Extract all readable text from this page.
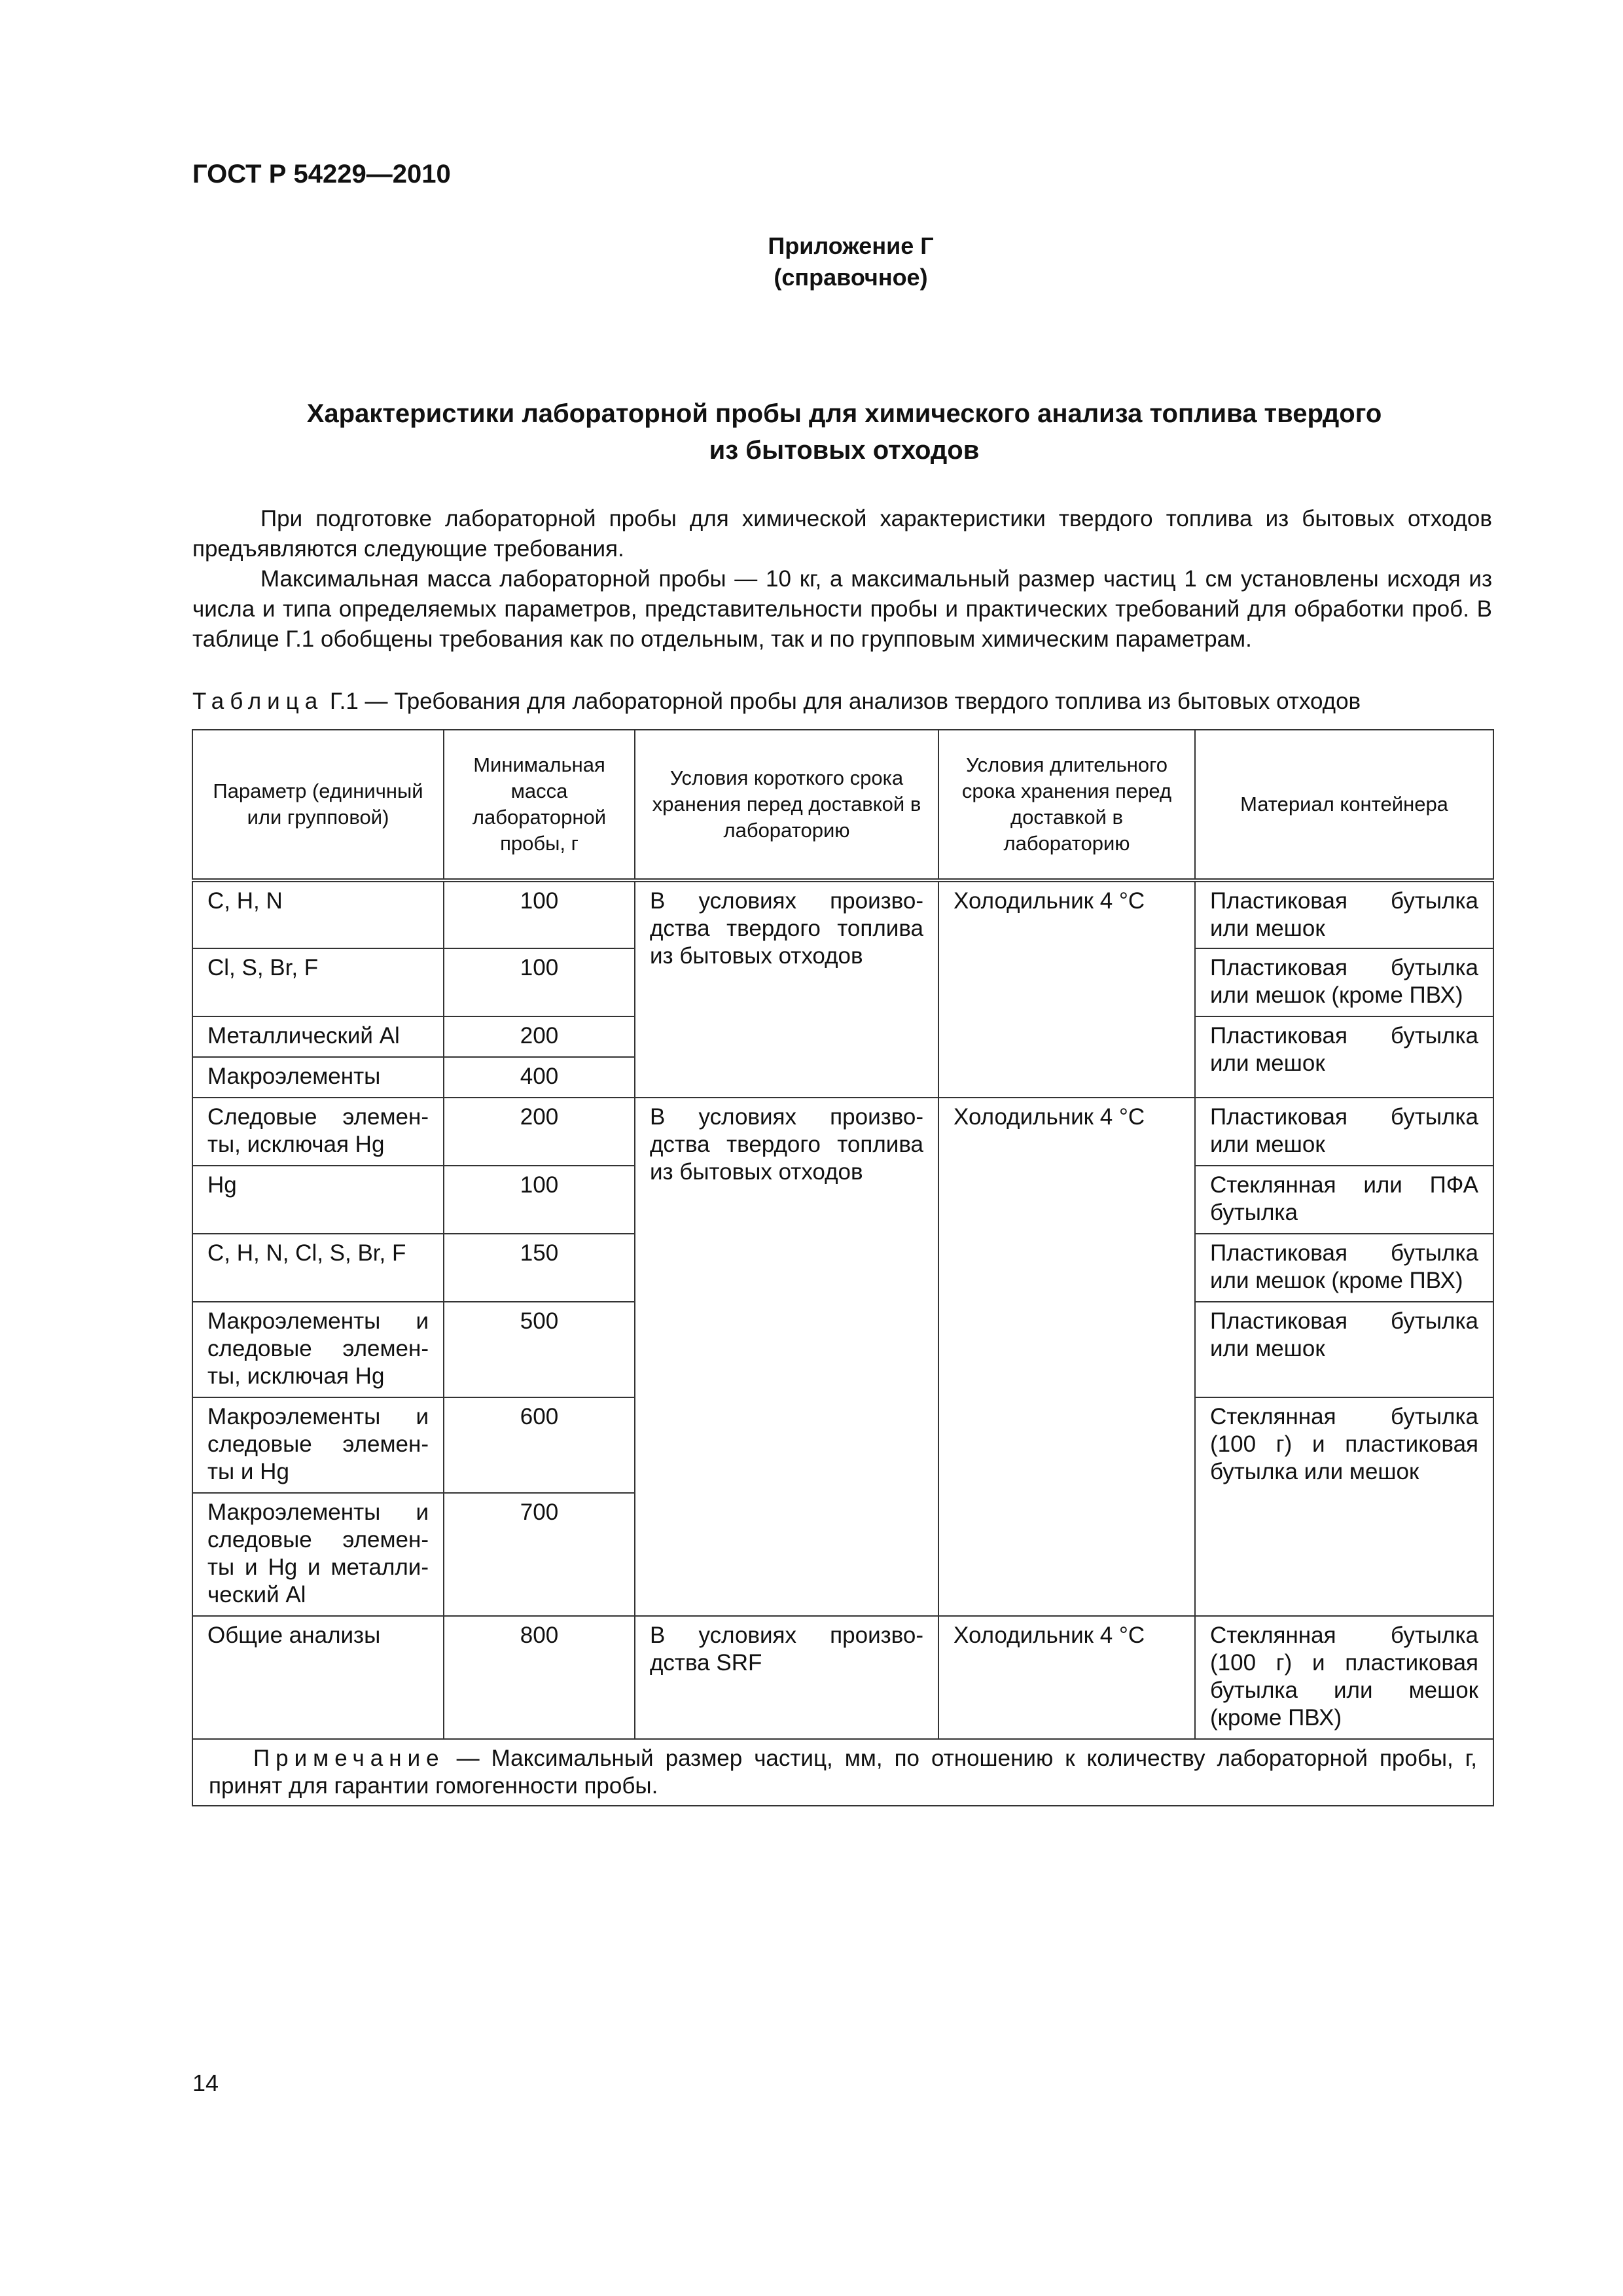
ГОСТ Р 54229—2010
Приложение Г
(справочное)
Характеристики лабораторной пробы для химического анализа топлива твердого
из бытовых отходов

При подготовке лабораторной пробы для химической характеристики твердого топлива из бытовых отходов предъявляются следующие требования.

Максимальная масса лабораторной пробы — 10 кг, а максимальный размер частиц 1 см установлены исходя из числа и типа определяемых параметров, представительности пробы и практических требований для обработки проб. В таблице Г.1 обобщены требования как по отдельным, так и по групповым химическим параметрам.

Таблица Г.1 — Требования для лабораторной пробы для анализов твердого топлива из бытовых отходов
Параметр (единичный или групповой)	Минимальная масса лабораторной пробы, г	Условия короткого срока хранения перед доставкой в лабораторию	Условия длительного срока хранения перед доставкой в лабораторию	Материал контейнера
C, H, N	100	В условиях произво-дства твердого топлива из бытовых отходов	Холодильник 4 °С	Пластиковая бутылка или мешок
Cl, S, Br, F	100			Пластиковая бутылка или мешок (кроме ПВХ)
Металлический Al	200			Пластиковая бутылка или мешок
Макроэлементы	400			
Следовые элемен-ты, исключая Hg	200	В условиях произво-дства твердого топлива из бытовых отходов	Холодильник 4 °С	Пластиковая бутылка или мешок
Hg	100			Стеклянная или ПФА бутылка
C, H, N, Cl, S, Br, F	150			Пластиковая бутылка или мешок (кроме ПВХ)
Макроэлементы и следовые элемен-ты, исключая Hg	500			Пластиковая бутылка или мешок
Макроэлементы и следовые элемен-ты и Hg	600			Стеклянная бутылка (100 г) и пластиковая бутылка или мешок
Макроэлементы и следовые элемен-ты и Hg и металли-ческий Al	700			
Общие анализы	800	В условиях произво-дства SRF	Холодильник 4 °С	Стеклянная бутылка (100 г) и пластиковая бутылка или мешок (кроме ПВХ)
Примечание — Максимальный размер частиц, мм, по отношению к количеству лабораторной пробы, г, принят для гарантии гомогенности пробы.				
14
